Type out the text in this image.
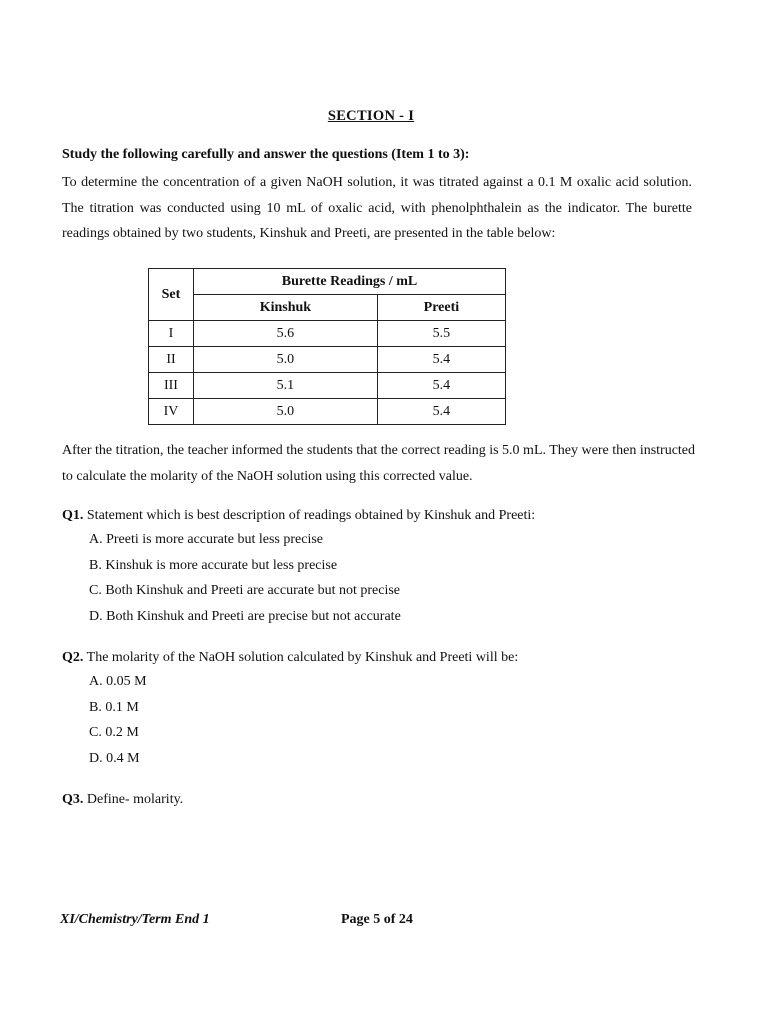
SECTION - I
Study the following carefully and answer the questions (Item 1 to 3):
To determine the concentration of a given NaOH solution, it was titrated against a 0.1 M oxalic acid solution. The titration was conducted using 10 mL of oxalic acid, with phenolphthalein as the indicator. The burette readings obtained by two students, Kinshuk and Preeti, are presented in the table below:
Set	Burette Readings / mL	
	Kinshuk	Preeti
I	5.6	5.5
II	5.0	5.4
III	5.1	5.4
IV	5.0	5.4
After the titration, the teacher informed the students that the correct reading is 5.0 mL. They were then instructed to calculate the molarity of the NaOH solution using this corrected value.
Q1. Statement which is best description of readings obtained by Kinshuk and Preeti:
A. Preeti is more accurate but less precise
B. Kinshuk is more accurate but less precise
C. Both Kinshuk and Preeti are accurate but not precise
D. Both Kinshuk and Preeti are precise but not accurate
Q2. The molarity of the NaOH solution calculated by Kinshuk and Preeti will be:
A. 0.05 M
B. 0.1 M
C. 0.2 M
D. 0.4 M
Q3. Define- molarity.
XI/Chemistry/Term End 1	Page 5 of 24
